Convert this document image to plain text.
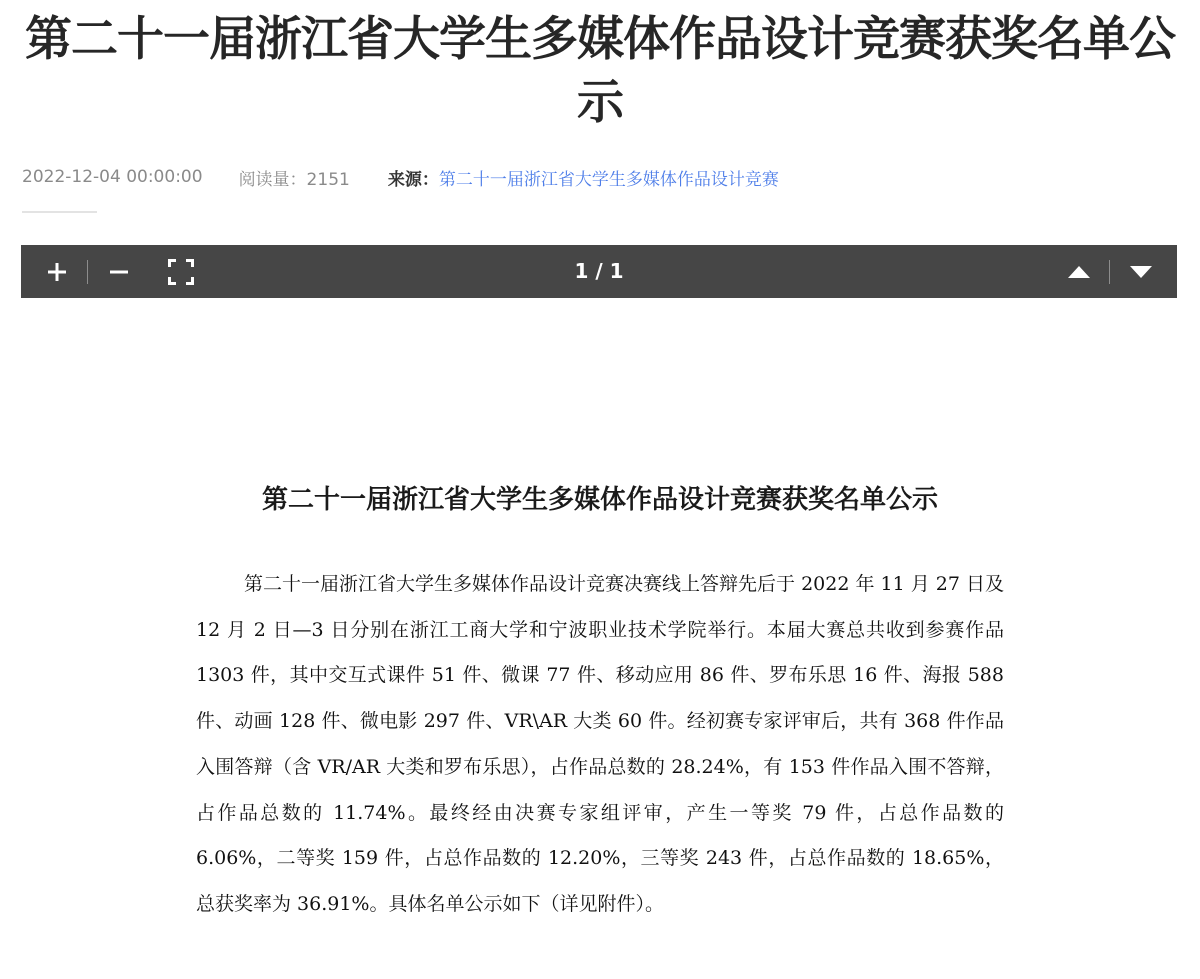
第二十一届浙江省大学生多媒体作品设计竞赛获奖名单公示
2022-12-04 00:00:00 阅读量：2151 来源： 第二十一届浙江省大学生多媒体作品设计竞赛
1 / 1
第二十一届浙江省大学生多媒体作品设计竞赛获奖名单公示

第二十一届浙江省大学生多媒体作品设计竞赛决赛线上答辩先后于 2022 年 11 月 27 日及 12 月 2 日—3 日分别在浙江工商大学和宁波职业技术学院举行。本届大赛总共收到参赛作品 1303 件，其中交互式课件 51 件、微课 77 件、移动应用 86 件、罗布乐思 16 件、海报 588 件、动画 128 件、微电影 297 件、VR\AR 大类 60 件。经初赛专家评审后，共有 368 件作品入围答辩（含 VR/AR 大类和罗布乐思），占作品总数的 28.24%，有 153 件作品入围不答辩，占作品总数的 11.74%。最终经由决赛专家组评审，产生一等奖 79 件，占总作品数的 6.06%，二等奖 159 件，占总作品数的 12.20%，三等奖 243 件，占总作品数的 18.65%，总获奖率为 36.91%。具体名单公示如下（详见附件）。
